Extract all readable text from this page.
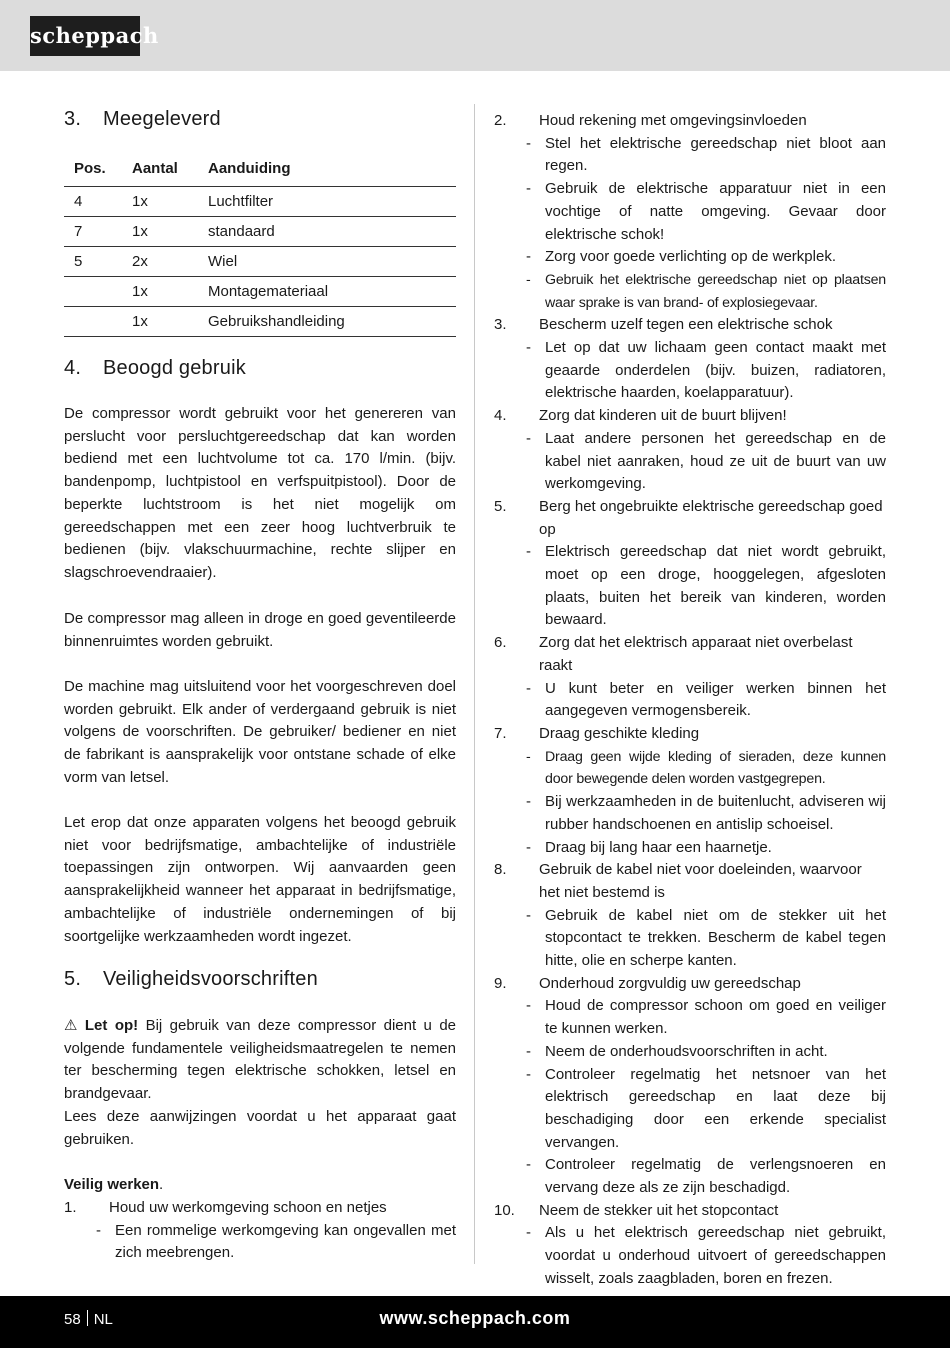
scheppach
3. Meegeleverd
Pos.	Aantal	Aanduiding
4	1x	Luchtfilter
7	1x	standaard
5	2x	Wiel
	1x	Montagemateriaal
	1x	Gebruikshandleiding
4. Beoogd gebruik
De compressor wordt gebruikt voor het genereren van perslucht voor persluchtgereedschap dat kan worden bediend met een luchtvolume tot ca. 170 l/min. (bijv. bandenpomp, luchtpistool en verfspuitpistool). Door de beperkte luchtstroom is het niet mogelijk om gereedschappen met een zeer hoog luchtverbruik te bedienen (bijv. vlakschuurmachine, rechte slijper en slagschroevendraaier).
De compressor mag alleen in droge en goed geventileerde binnenruimtes worden gebruikt.
De machine mag uitsluitend voor het voorgeschreven doel worden gebruikt. Elk ander of verdergaand gebruik is niet volgens de voorschriften. De gebruiker/ bediener en niet de fabrikant is aansprakelijk voor ontstane schade of elke vorm van letsel.
Let erop dat onze apparaten volgens het beoogd gebruik niet voor bedrijfsmatige, ambachtelijke of industriële toepassingen zijn ontworpen. Wij aanvaarden geen aansprakelijkheid wanneer het apparaat in bedrijfsmatige, ambachtelijke of industriële ondernemingen of bij soortgelijke werkzaamheden wordt ingezet.
5. Veiligheidsvoorschriften
⚠ Let op! Bij gebruik van deze compressor dient u de volgende fundamentele veiligheidsmaatregelen te nemen ter bescherming tegen elektrische schokken, letsel en brandgevaar.
Lees deze aanwijzingen voordat u het apparaat gaat gebruiken.
Veilig werken.
1. Houd uw werkomgeving schoon en netjes
- Een rommelige werkomgeving kan ongevallen met zich meebrengen.
2. Houd rekening met omgevingsinvloeden
- Stel het elektrische gereedschap niet bloot aan regen.
- Gebruik de elektrische apparatuur niet in een vochtige of natte omgeving. Gevaar door elektrische schok!
- Zorg voor goede verlichting op de werkplek.
- Gebruik het elektrische gereedschap niet op plaatsen waar sprake is van brand- of explosiegevaar.
3. Bescherm uzelf tegen een elektrische schok
- Let op dat uw lichaam geen contact maakt met geaarde onderdelen (bijv. buizen, radiatoren, elektrische haarden, koelapparatuur).
4. Zorg dat kinderen uit de buurt blijven!
- Laat andere personen het gereedschap en de kabel niet aanraken, houd ze uit de buurt van uw werkomgeving.
5. Berg het ongebruikte elektrische gereedschap goed op
- Elektrisch gereedschap dat niet wordt gebruikt, moet op een droge, hooggelegen, afgesloten plaats, buiten het bereik van kinderen, worden bewaard.
6. Zorg dat het elektrisch apparaat niet overbelast raakt
- U kunt beter en veiliger werken binnen het aangegeven vermogensbereik.
7. Draag geschikte kleding
- Draag geen wijde kleding of sieraden, deze kunnen door bewegende delen worden vastgegrepen.
- Bij werkzaamheden in de buitenlucht, adviseren wij rubber handschoenen en antislip schoeisel.
- Draag bij lang haar een haarnetje.
8. Gebruik de kabel niet voor doeleinden, waarvoor het niet bestemd is
- Gebruik de kabel niet om de stekker uit het stopcontact te trekken. Bescherm de kabel tegen hitte, olie en scherpe kanten.
9. Onderhoud zorgvuldig uw gereedschap
- Houd de compressor schoon om goed en veiliger te kunnen werken.
- Neem de onderhoudsvoorschriften in acht.
- Controleer regelmatig het netsnoer van het elektrisch gereedschap en laat deze bij beschadiging door een erkende specialist vervangen.
- Controleer regelmatig de verlengsnoeren en vervang deze als ze zijn beschadigd.
10. Neem de stekker uit het stopcontact
- Als u het elektrisch gereedschap niet gebruikt, voordat u onderhoud uitvoert of gereedschappen wisselt, zoals zaagbladen, boren en frezen.
58 NL	www.scheppach.com
